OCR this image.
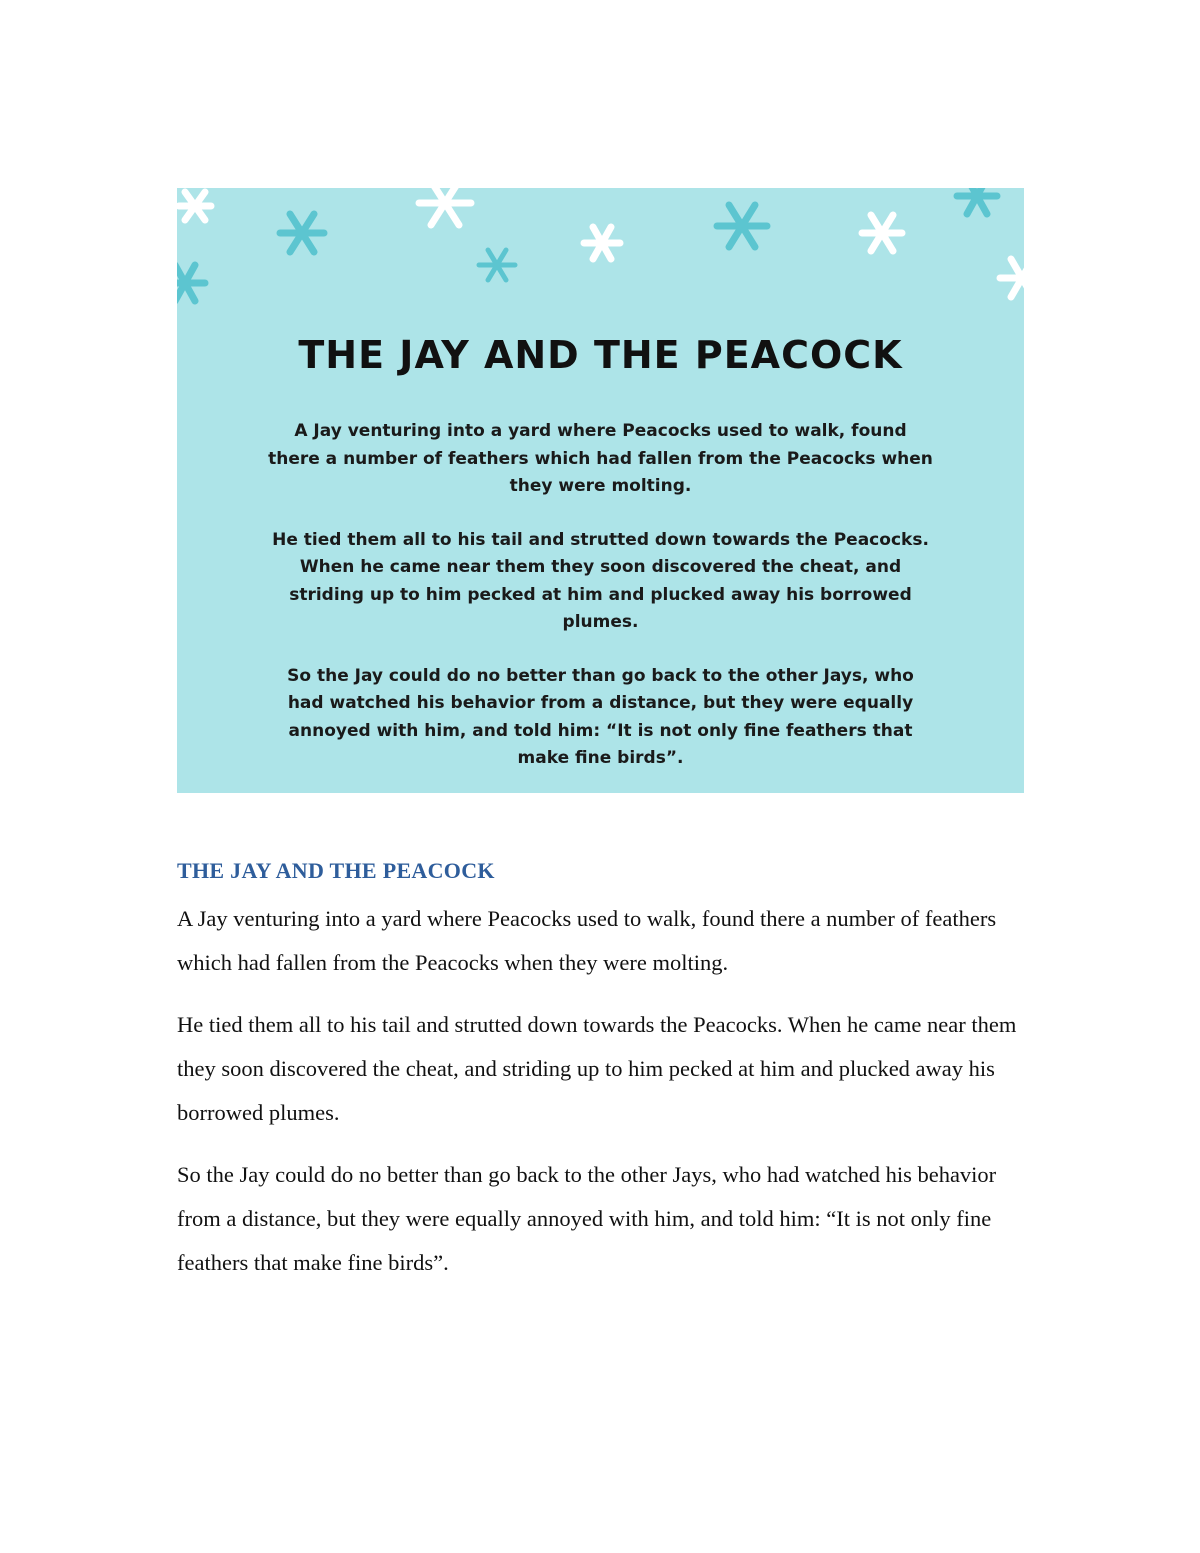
THE JAY AND THE PEACOCK

A Jay venturing into a yard where Peacocks used to walk, found there a number of feathers which had fallen from the Peacocks when they were molting.

He tied them all to his tail and strutted down towards the Peacocks. When he came near them they soon discovered the cheat, and striding up to him pecked at him and plucked away his borrowed plumes.

So the Jay could do no better than go back to the other Jays, who had watched his behavior from a distance, but they were equally annoyed with him, and told him: “It is not only fine feathers that make fine birds”.

THE JAY AND THE PEACOCK

A Jay venturing into a yard where Peacocks used to walk, found there a number of feathers which had fallen from the Peacocks when they were molting.

He tied them all to his tail and strutted down towards the Peacocks. When he came near them they soon discovered the cheat, and striding up to him pecked at him and plucked away his borrowed plumes.

So the Jay could do no better than go back to the other Jays, who had watched his behavior from a distance, but they were equally annoyed with him, and told him: “It is not only fine feathers that make fine birds”.
